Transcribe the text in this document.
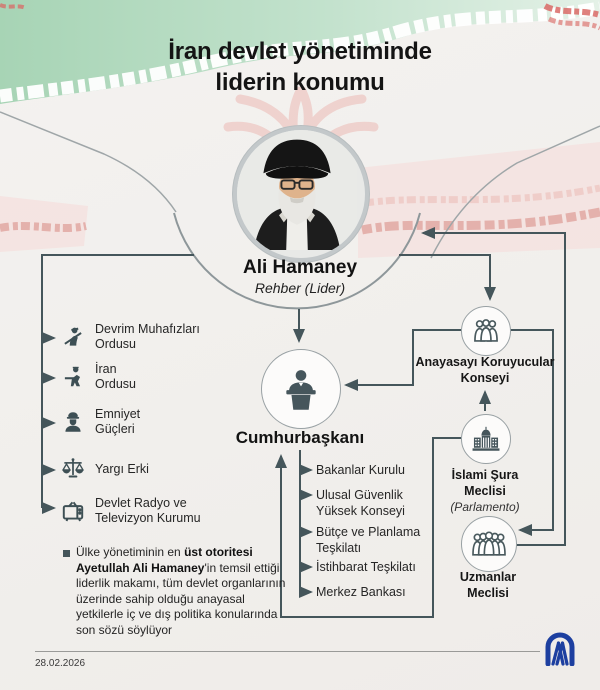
İran devlet yönetiminde
liderin konumu
Ali Hamaney
Rehber (Lider)
Devrim Muhafızları
Ordusu
İran
Ordusu
Emniyet
Güçleri
Yargı Erki
Devlet Radyo ve
Televizyon Kurumu
Cumhurbaşkanı
Bakanlar Kurulu
Ulusal Güvenlik
Yüksek Konseyi
Bütçe ve Planlama
Teşkilatı
İstihbarat Teşkilatı
Merkez Bankası
Anayasayı Koruyucular
Konseyi
İslami Şura
Meclisi
(Parlamento)
Uzmanlar
Meclisi
Ülke yönetiminin en üst otoritesi Ayetullah Ali Hamaney'in temsil ettiği liderlik makamı, tüm devlet organlarının üzerinde sahip olduğu anayasal yetkilerle iç ve dış politika konularında son sözü söylüyor
28.02.2026
